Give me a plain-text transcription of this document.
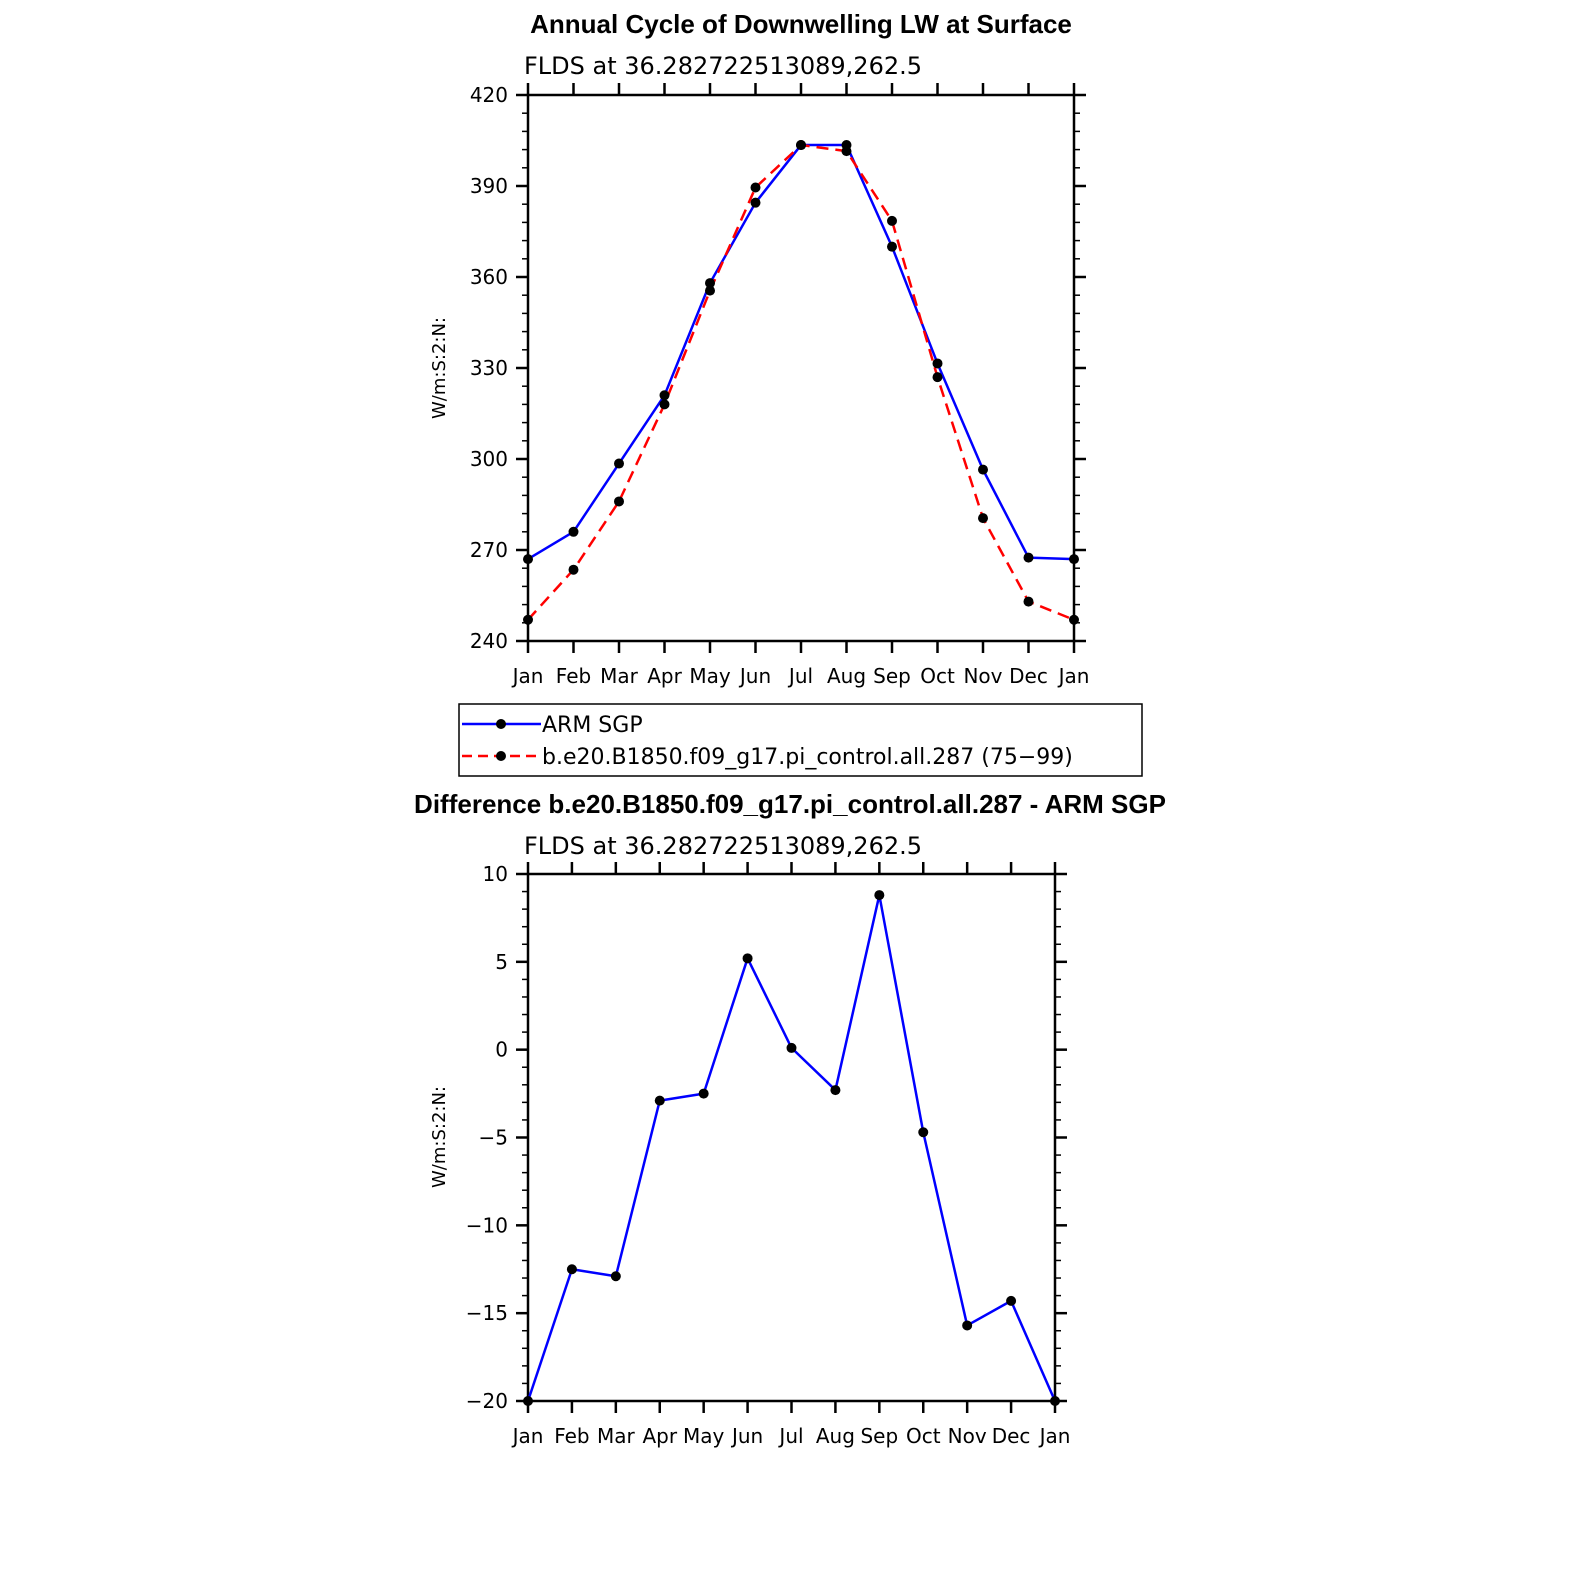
Annual Cycle of Downwelling LW at Surface
FLDS at 36.282722513089,262.5
Jan Feb Mar Apr May Jun Jul Aug Sep Oct Nov Dec Jan
240
270
300
330
360
390
420
W/m:S:2:N:
ARM SGP
b.e20.B1850.f09_g17.pi_control.all.287 (75−99)
Difference b.e20.B1850.f09_g17.pi_control.all.287 - ARM SGP
FLDS at 36.282722513089,262.5
Jan Feb Mar Apr May Jun Jul Aug Sep Oct Nov Dec Jan
−20
−15
−10
−5
0
5
10
W/m:S:2:N:
